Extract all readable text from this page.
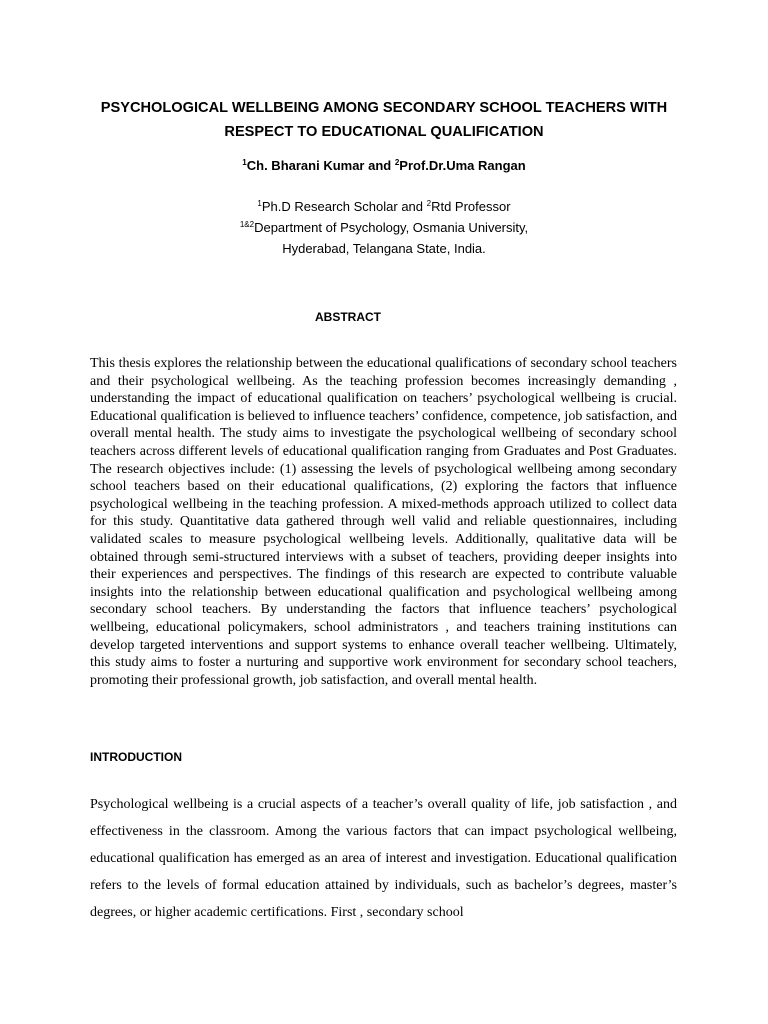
PSYCHOLOGICAL WELLBEING AMONG SECONDARY SCHOOL TEACHERS WITH
RESPECT TO EDUCATIONAL QUALIFICATION
$^1$Ch. Bharani Kumar and $^2$Prof.Dr.Uma Rangan
$^1$Ph.D Research Scholar and $^2$Rtd Professor
$^{1\&2}$Department of Psychology, Osmania University,
Hyderabad, Telangana State, India.
ABSTRACT

This thesis explores the relationship between the educational qualifications of secondary school teachers and their psychological wellbeing. As the teaching profession becomes increasingly demanding , understanding the impact of educational qualification on teachers’ psychological wellbeing is crucial. Educational qualification is believed to influence teachers’ confidence, competence, job satisfaction, and overall mental health. The study aims to investigate the psychological wellbeing of secondary school teachers across different levels of educational qualification ranging from Graduates and Post Graduates. The research objectives include: (1) assessing the levels of psychological wellbeing among secondary school teachers based on their educational qualifications, (2) exploring the factors that influence psychological wellbeing in the teaching profession. A mixed-methods approach utilized to collect data for this study. Quantitative data gathered through well valid and reliable questionnaires, including validated scales to measure psychological wellbeing levels. Additionally, qualitative data will be obtained through semi-structured interviews with a subset of teachers, providing deeper insights into their experiences and perspectives. The findings of this research are expected to contribute valuable insights into the relationship between educational qualification and psychological wellbeing among secondary school teachers. By understanding the factors that influence teachers’ psychological wellbeing, educational policymakers, school administrators , and teachers training institutions can develop targeted interventions and support systems to enhance overall teacher wellbeing. Ultimately, this study aims to foster a nurturing and supportive work environment for secondary school teachers, promoting their professional growth, job satisfaction, and overall mental health.

INTRODUCTION

Psychological wellbeing is a crucial aspects of a teacher’s overall quality of life, job satisfaction , and effectiveness in the classroom. Among the various factors that can impact psychological wellbeing, educational qualification has emerged as an area of interest and investigation. Educational qualification refers to the levels of formal education attained by individuals, such as bachelor’s degrees, master’s degrees, or higher academic certifications. First , secondary school
